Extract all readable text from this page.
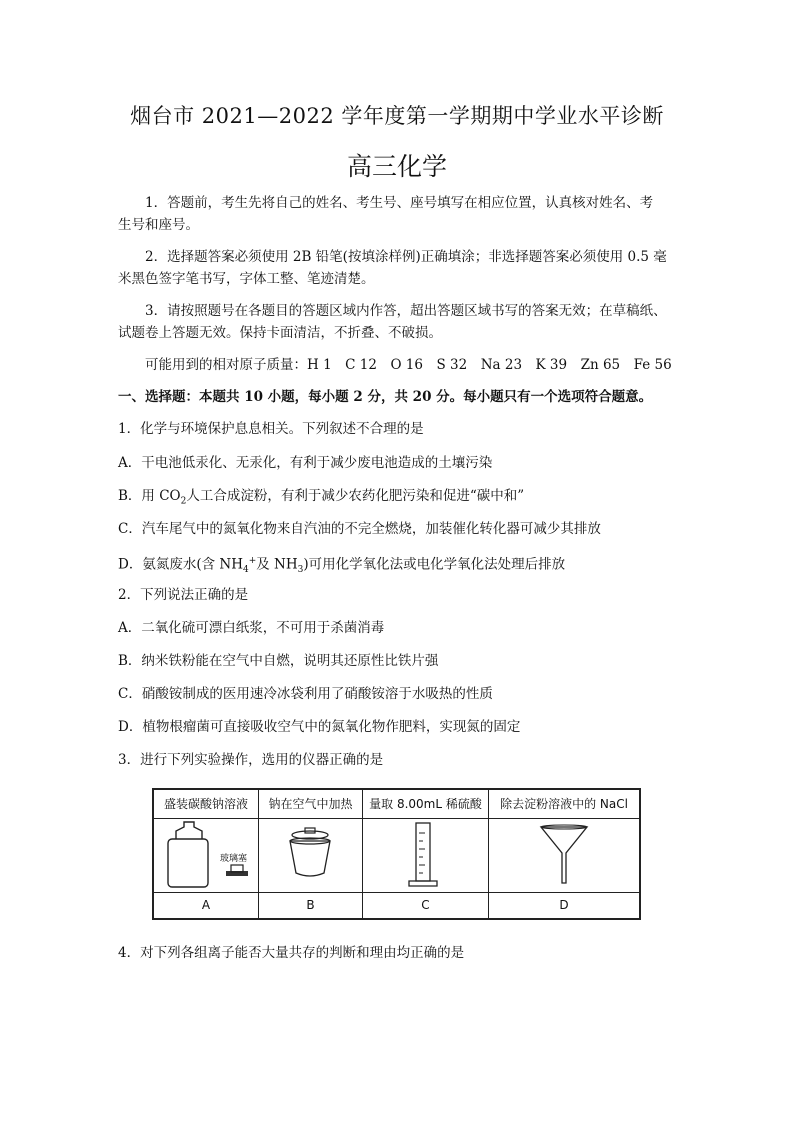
烟台市 2021—2022 学年度第一学期期中学业水平诊断
高三化学
1．答题前，考生先将自己的姓名、考生号、座号填写在相应位置，认真核对姓名、考
生号和座号。
2．选择题答案必须使用 2B 铅笔(按填涂样例)正确填涂；非选择题答案必须使用 0.5 毫
米黑色签字笔书写，字体工整、笔迹清楚。
3．请按照题号在各题目的答题区域内作答，超出答题区域书写的答案无效；在草稿纸、
试题卷上答题无效。保持卡面清洁，不折叠、不破损。
可能用到的相对原子质量：H 1　C 12　O 16　S 32　Na 23　K 39　Zn 65　Fe 56
一、选择题：本题共 10 小题，每小题 2 分，共 20 分。每小题只有一个选项符合题意。
1．化学与环境保护息息相关。下列叙述不合理的是
A．干电池低汞化、无汞化，有利于减少废电池造成的土壤污染
B．用 $CO_2$人工合成淀粉，有利于减少农药化肥污染和促进“碳中和”
C．汽车尾气中的氮氧化物来自汽油的不完全燃烧，加装催化转化器可减少其排放
D．氨氮废水(含 $NH_4^+$及 $NH_3$)可用化学氧化法或电化学氧化法处理后排放
2．下列说法正确的是
A．二氧化硫可漂白纸浆，不可用于杀菌消毒
B．纳米铁粉能在空气中自燃，说明其还原性比铁片强
C．硝酸铵制成的医用速冷冰袋利用了硝酸铵溶于水吸热的性质
D．植物根瘤菌可直接吸收空气中的氮氧化物作肥料，实现氮的固定
3．进行下列实验操作，选用的仪器正确的是
盛装碳酸钠溶液
玻璃塞
A
钠在空气中加热
B
量取 8.00mL 稀硫酸
C
除去淀粉溶液中的 NaCl
D
4．对下列各组离子能否大量共存的判断和理由均正确的是
